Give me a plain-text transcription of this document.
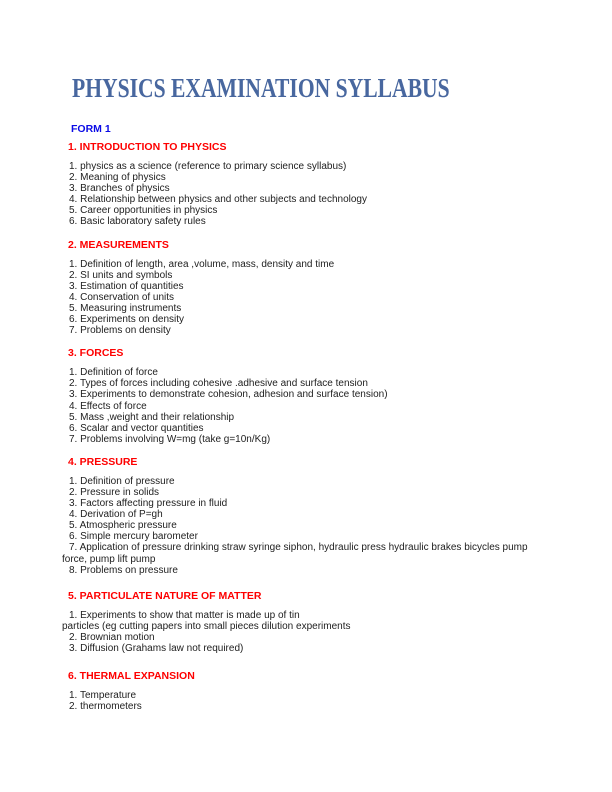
PHYSICS EXAMINATION SYLLABUS
FORM 1
1. INTRODUCTION TO PHYSICS
1. physics as a science (reference to primary science syllabus)
2. Meaning of physics
3. Branches of physics
4. Relationship between physics and other subjects and technology
5. Career opportunities in physics
6. Basic laboratory safety rules
2. MEASUREMENTS
1. Definition of length, area ,volume, mass, density and time
2. SI units and symbols
3. Estimation of quantities
4. Conservation of units
5. Measuring instruments
6. Experiments on density
7. Problems on density
3. FORCES
1. Definition of force
2. Types of forces including cohesive .adhesive and surface tension
3. Experiments to demonstrate cohesion, adhesion and surface tension)
4. Effects of force
5. Mass ,weight and their relationship
6. Scalar and vector quantities
7. Problems involving W=mg (take g=10n/Kg)
4. PRESSURE
1. Definition of pressure
2. Pressure in solids
3. Factors affecting pressure in fluid
4. Derivation of P=gh
5. Atmospheric pressure
6. Simple mercury barometer
7. Application of pressure drinking straw syringe siphon, hydraulic press hydraulic brakes bicycles pump
force, pump lift pump
8. Problems on pressure
5. PARTICULATE NATURE OF MATTER
1. Experiments to show that matter is made up of tin
particles (eg cutting papers into small pieces dilution experiments
2. Brownian motion
3. Diffusion (Grahams law not required)
6. THERMAL EXPANSION
1. Temperature
2. thermometers
